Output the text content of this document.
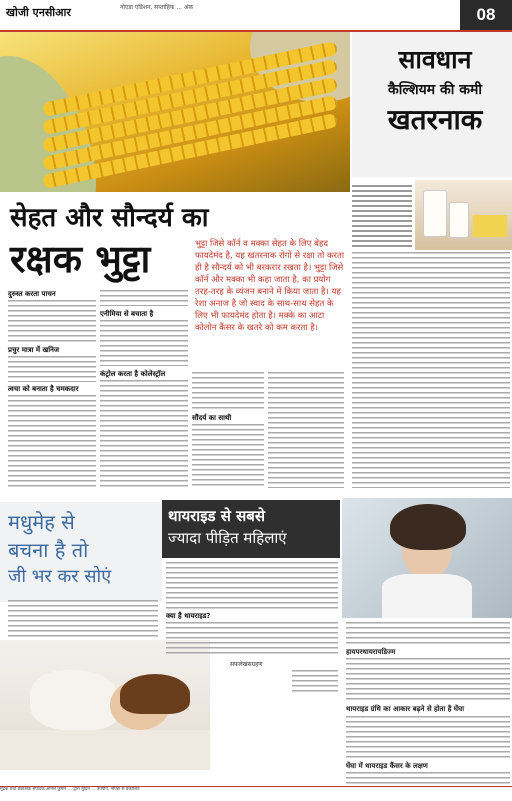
खोजी एनसीआर	नोएडा एडिशन, सप्ताहिक ... अंक	08
सावधान
कैल्शियम की कमी
खतरनाक
सेहत और सौन्दर्य का
रक्षक भुट्टा	भुट्टा जिसे कॉर्न व मक्का सेहत के लिए बेहद फायदेमंद है, यह खतरनाक रोगों से रक्षा तो करता ही है सौन्दर्य को भी बरकरार रखता है। भुट्टा जिसे कॉर्न और मक्का भी कहा जाता है, का प्रयोग तरह-तरह के व्यंजन बनाने में किया जाता है। यह रेशा अनाज है जो स्वाद के साथ-साथ सेहत के लिए भी फायदेमंद होता है। मक्के का आटा कोलोन कैंसर के खतरे को कम करता है।
दुरुस्त करता पाचन
प्रचुर मात्रा में खनिज
त्वचा को बनाता है चमकदार
एनीमिया से बचाता है
कंट्रोल करता है कोलेस्ट्रॉल
सौंदर्य का साथी
मधुमेह से
बचना है तो
जी भर कर सोएं
थायराइड से सबसे
ज्यादा पीड़ित महिलाएं
क्या है थायराइड?
सफलेखसग्रहण
हायपरथायरायडिज्म
थायराइड ग्रंथि का आकार बढ़ने से होता है घेंघा
घेंघा में थायराइड कैंसर के लक्षण
मुद्रक तथा प्रकाशक संपादक अनिल कुमार ... द्वारा मुद्रित ... उपयोग, नोएडा से प्रकाशित
